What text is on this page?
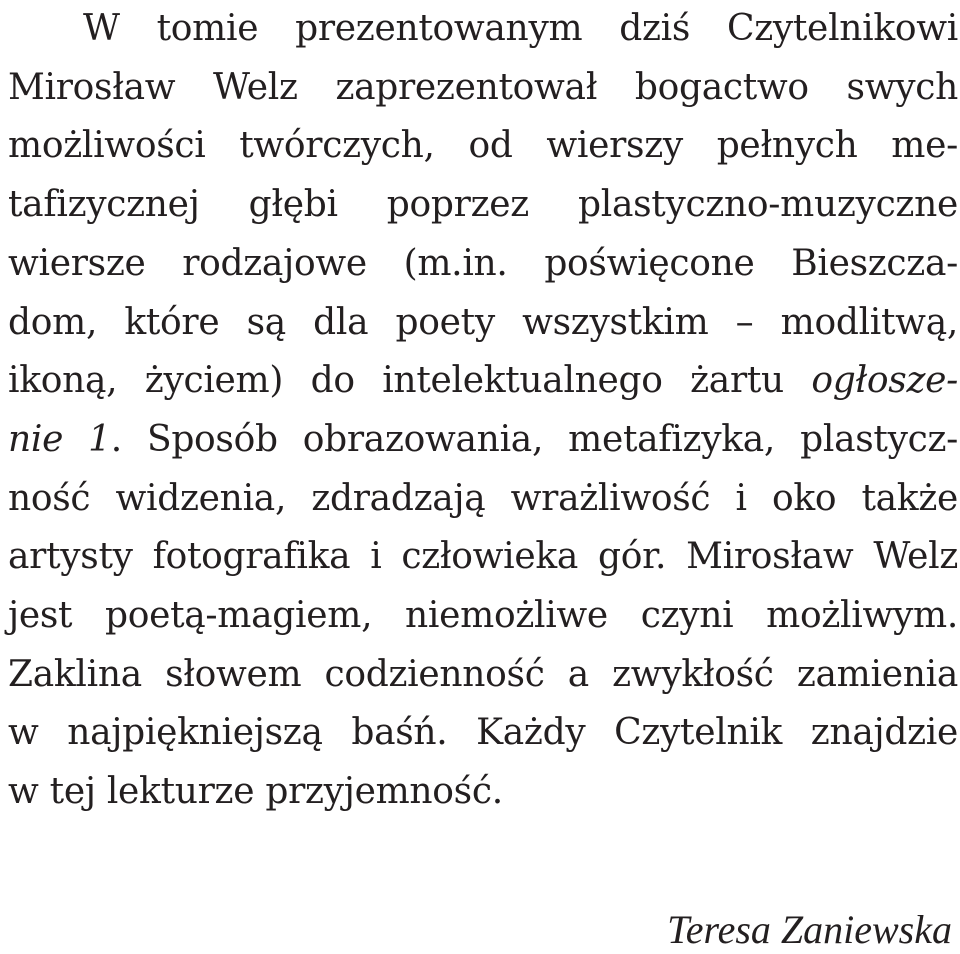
W tomie prezentowanym dziś Czytelnikowi
Mirosław Welz zaprezentował bogactwo swych
możliwości twórczych, od wierszy pełnych me-
tafizycznej głębi poprzez plastyczno-muzyczne
wiersze rodzajowe (m.in. poświęcone Bieszcza-
dom, które są dla poety wszystkim – modlitwą,
ikoną, życiem) do intelektualnego żartu ogłosze-
nie 1. Sposób obrazowania, metafizyka, plastycz-
ność widzenia, zdradzają wrażliwość i oko także
artysty fotografika i człowieka gór. Mirosław Welz
jest poetą-magiem, niemożliwe czyni możliwym.
Zaklina słowem codzienność a zwykłość zamienia
w najpiękniejszą baśń. Każdy Czytelnik znajdzie
w tej lekturze przyjemność.

Teresa Zaniewska
